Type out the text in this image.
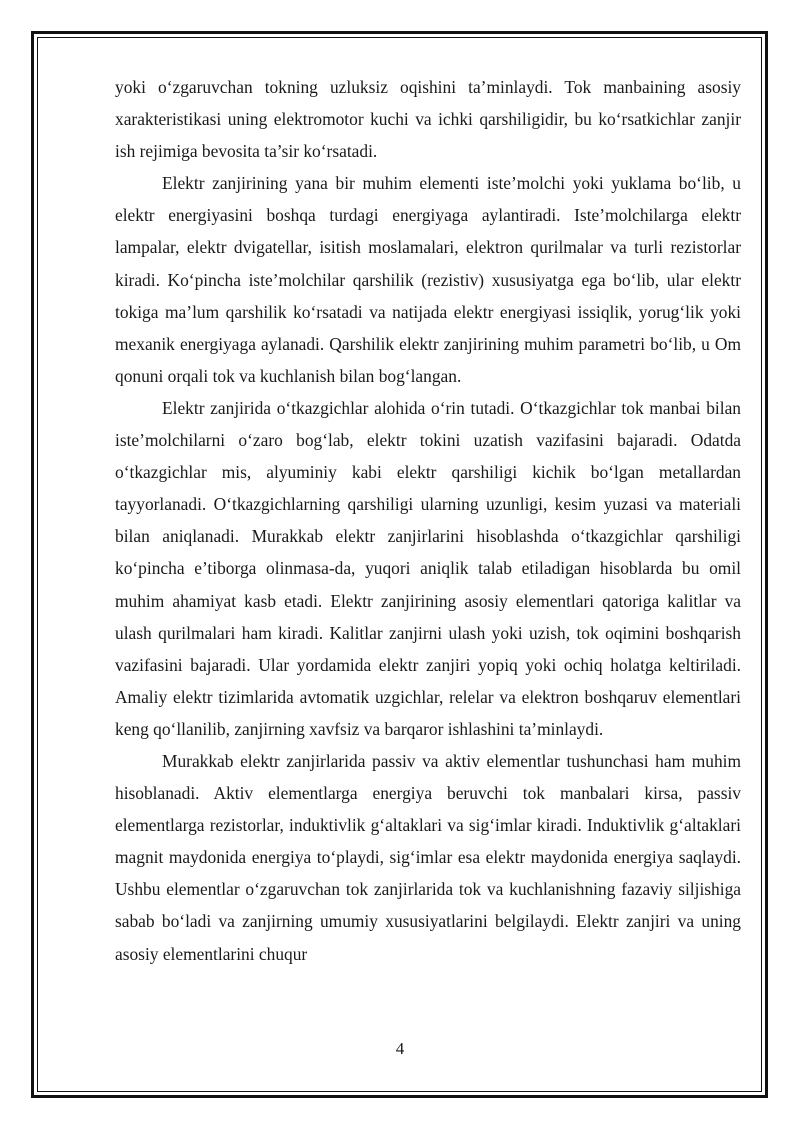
yoki o‘zgaruvchan tokning uzluksiz oqishini ta’minlaydi. Tok manbaining asosiy xarakteristikasi uning elektromotor kuchi va ichki qarshiligidir, bu ko‘rsatkichlar zanjir ish rejimiga bevosita ta’sir ko‘rsatadi.

Elektr zanjirining yana bir muhim elementi iste’molchi yoki yuklama bo‘lib, u elektr energiyasini boshqa turdagi energiyaga aylantiradi. Iste’molchilarga elektr lampalar, elektr dvigatellar, isitish moslamalari, elektron qurilmalar va turli rezistorlar kiradi. Ko‘pincha iste’molchilar qarshilik (rezistiv) xususiyatga ega bo‘lib, ular elektr tokiga ma’lum qarshilik ko‘rsatadi va natijada elektr energiyasi issiqlik, yorug‘lik yoki mexanik energiyaga aylanadi. Qarshilik elektr zanjirining muhim parametri bo‘lib, u Om qonuni orqali tok va kuchlanish bilan bog‘langan.

Elektr zanjirida o‘tkazgichlar alohida o‘rin tutadi. O‘tkazgichlar tok manbai bilan iste’molchilarni o‘zaro bog‘lab, elektr tokini uzatish vazifasini bajaradi. Odatda o‘tkazgichlar mis, alyuminiy kabi elektr qarshiligi kichik bo‘lgan metallardan tayyorlanadi. O‘tkazgichlarning qarshiligi ularning uzunligi, kesim yuzasi va materiali bilan aniqlanadi. Murakkab elektr zanjirlarini hisoblashda o‘tkazgichlar qarshiligi ko‘pincha e’tiborga olinmasa-da, yuqori aniqlik talab etiladigan hisoblarda bu omil muhim ahamiyat kasb etadi. Elektr zanjirining asosiy elementlari qatoriga kalitlar va ulash qurilmalari ham kiradi. Kalitlar zanjirni ulash yoki uzish, tok oqimini boshqarish vazifasini bajaradi. Ular yordamida elektr zanjiri yopiq yoki ochiq holatga keltiriladi. Amaliy elektr tizimlarida avtomatik uzgichlar, relelar va elektron boshqaruv elementlari keng qo‘llanilib, zanjirning xavfsiz va barqaror ishlashini ta’minlaydi.

Murakkab elektr zanjirlarida passiv va aktiv elementlar tushunchasi ham muhim hisoblanadi. Aktiv elementlarga energiya beruvchi tok manbalari kirsa, passiv elementlarga rezistorlar, induktivlik g‘altaklari va sig‘imlar kiradi. Induktivlik g‘altaklari magnit maydonida energiya to‘playdi, sig‘imlar esa elektr maydonida energiya saqlaydi. Ushbu elementlar o‘zgaruvchan tok zanjirlarida tok va kuchlanishning fazaviy siljishiga sabab bo‘ladi va zanjirning umumiy xususiyatlarini belgilaydi. Elektr zanjiri va uning asosiy elementlarini chuqur

4
